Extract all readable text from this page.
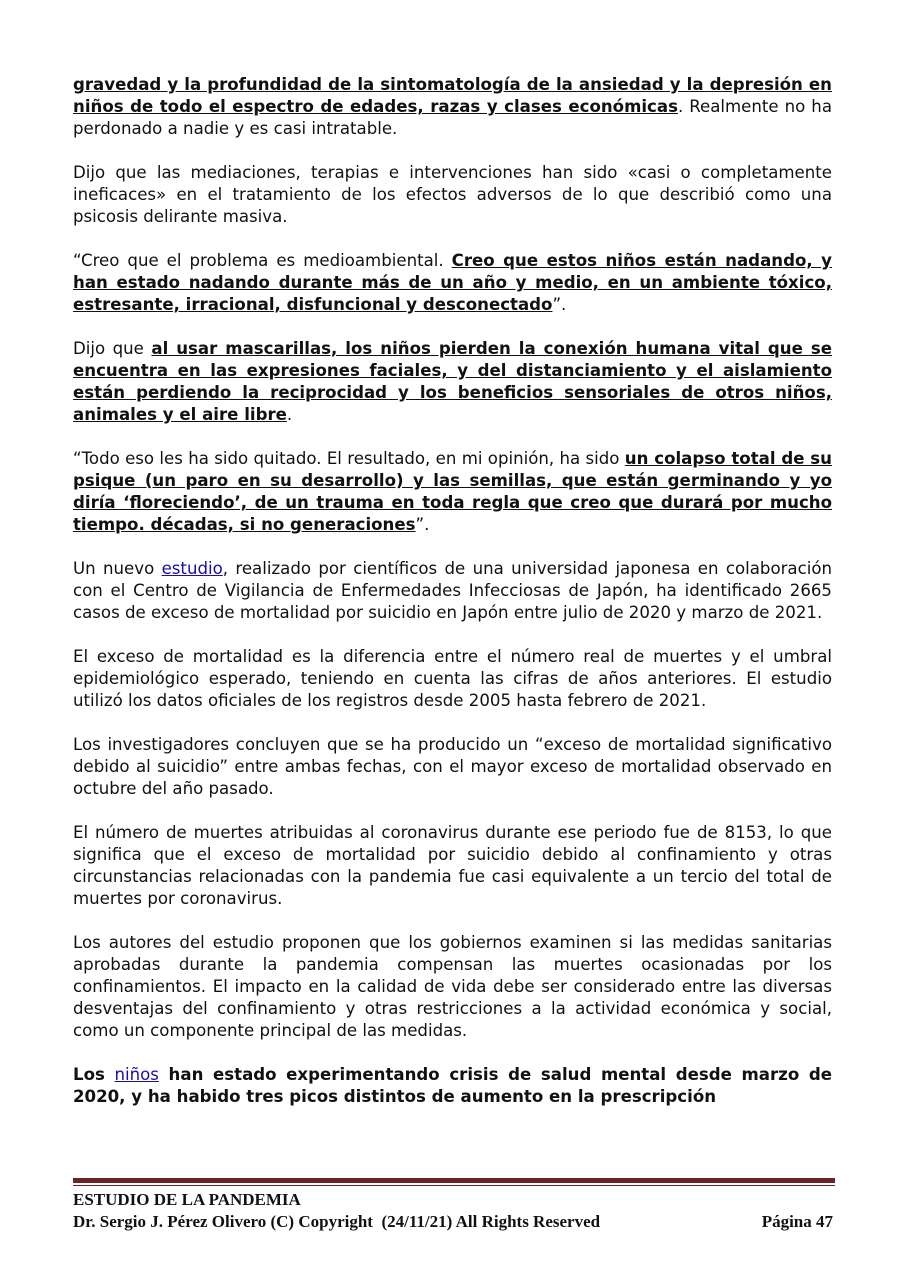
gravedad y la profundidad de la sintomatología de la ansiedad y la depresión en niños de todo el espectro de edades, razas y clases económicas. Realmente no ha perdonado a nadie y es casi intratable.

Dijo que las mediaciones, terapias e intervenciones han sido «casi o completamente ineficaces» en el tratamiento de los efectos adversos de lo que describió como una psicosis delirante masiva.

“Creo que el problema es medioambiental. Creo que estos niños están nadando, y han estado nadando durante más de un año y medio, en un ambiente tóxico, estresante, irracional, disfuncional y desconectado”.

Dijo que al usar mascarillas, los niños pierden la conexión humana vital que se encuentra en las expresiones faciales, y del distanciamiento y el aislamiento están perdiendo la reciprocidad y los beneficios sensoriales de otros niños, animales y el aire libre.

“Todo eso les ha sido quitado. El resultado, en mi opinión, ha sido un colapso total de su psique (un paro en su desarrollo) y las semillas, que están germinando y yo diría ‘floreciendo’, de un trauma en toda regla que creo que durará por mucho tiempo. décadas, si no generaciones”.

Un nuevo estudio, realizado por científicos de una universidad japonesa en colaboración con el Centro de Vigilancia de Enfermedades Infecciosas de Japón, ha identificado 2665 casos de exceso de mortalidad por suicidio en Japón entre julio de 2020 y marzo de 2021.

El exceso de mortalidad es la diferencia entre el número real de muertes y el umbral epidemiológico esperado, teniendo en cuenta las cifras de años anteriores. El estudio utilizó los datos oficiales de los registros desde 2005 hasta febrero de 2021.

Los investigadores concluyen que se ha producido un “exceso de mortalidad significativo debido al suicidio” entre ambas fechas, con el mayor exceso de mortalidad observado en octubre del año pasado.

El número de muertes atribuidas al coronavirus durante ese periodo fue de 8153, lo que significa que el exceso de mortalidad por suicidio debido al confinamiento y otras circunstancias relacionadas con la pandemia fue casi equivalente a un tercio del total de muertes por coronavirus.

Los autores del estudio proponen que los gobiernos examinen si las medidas sanitarias aprobadas durante la pandemia compensan las muertes ocasionadas por los confinamientos. El impacto en la calidad de vida debe ser considerado entre las diversas desventajas del confinamiento y otras restricciones a la actividad económica y social, como un componente principal de las medidas.

Los niños han estado experimentando crisis de salud mental desde marzo de 2020, y ha habido tres picos distintos de aumento en la prescripción

ESTUDIO DE LA PANDEMIA
Dr. Sergio J. Pérez Olivero (C) Copyright  (24/11/21) All Rights Reserved	Página 47
